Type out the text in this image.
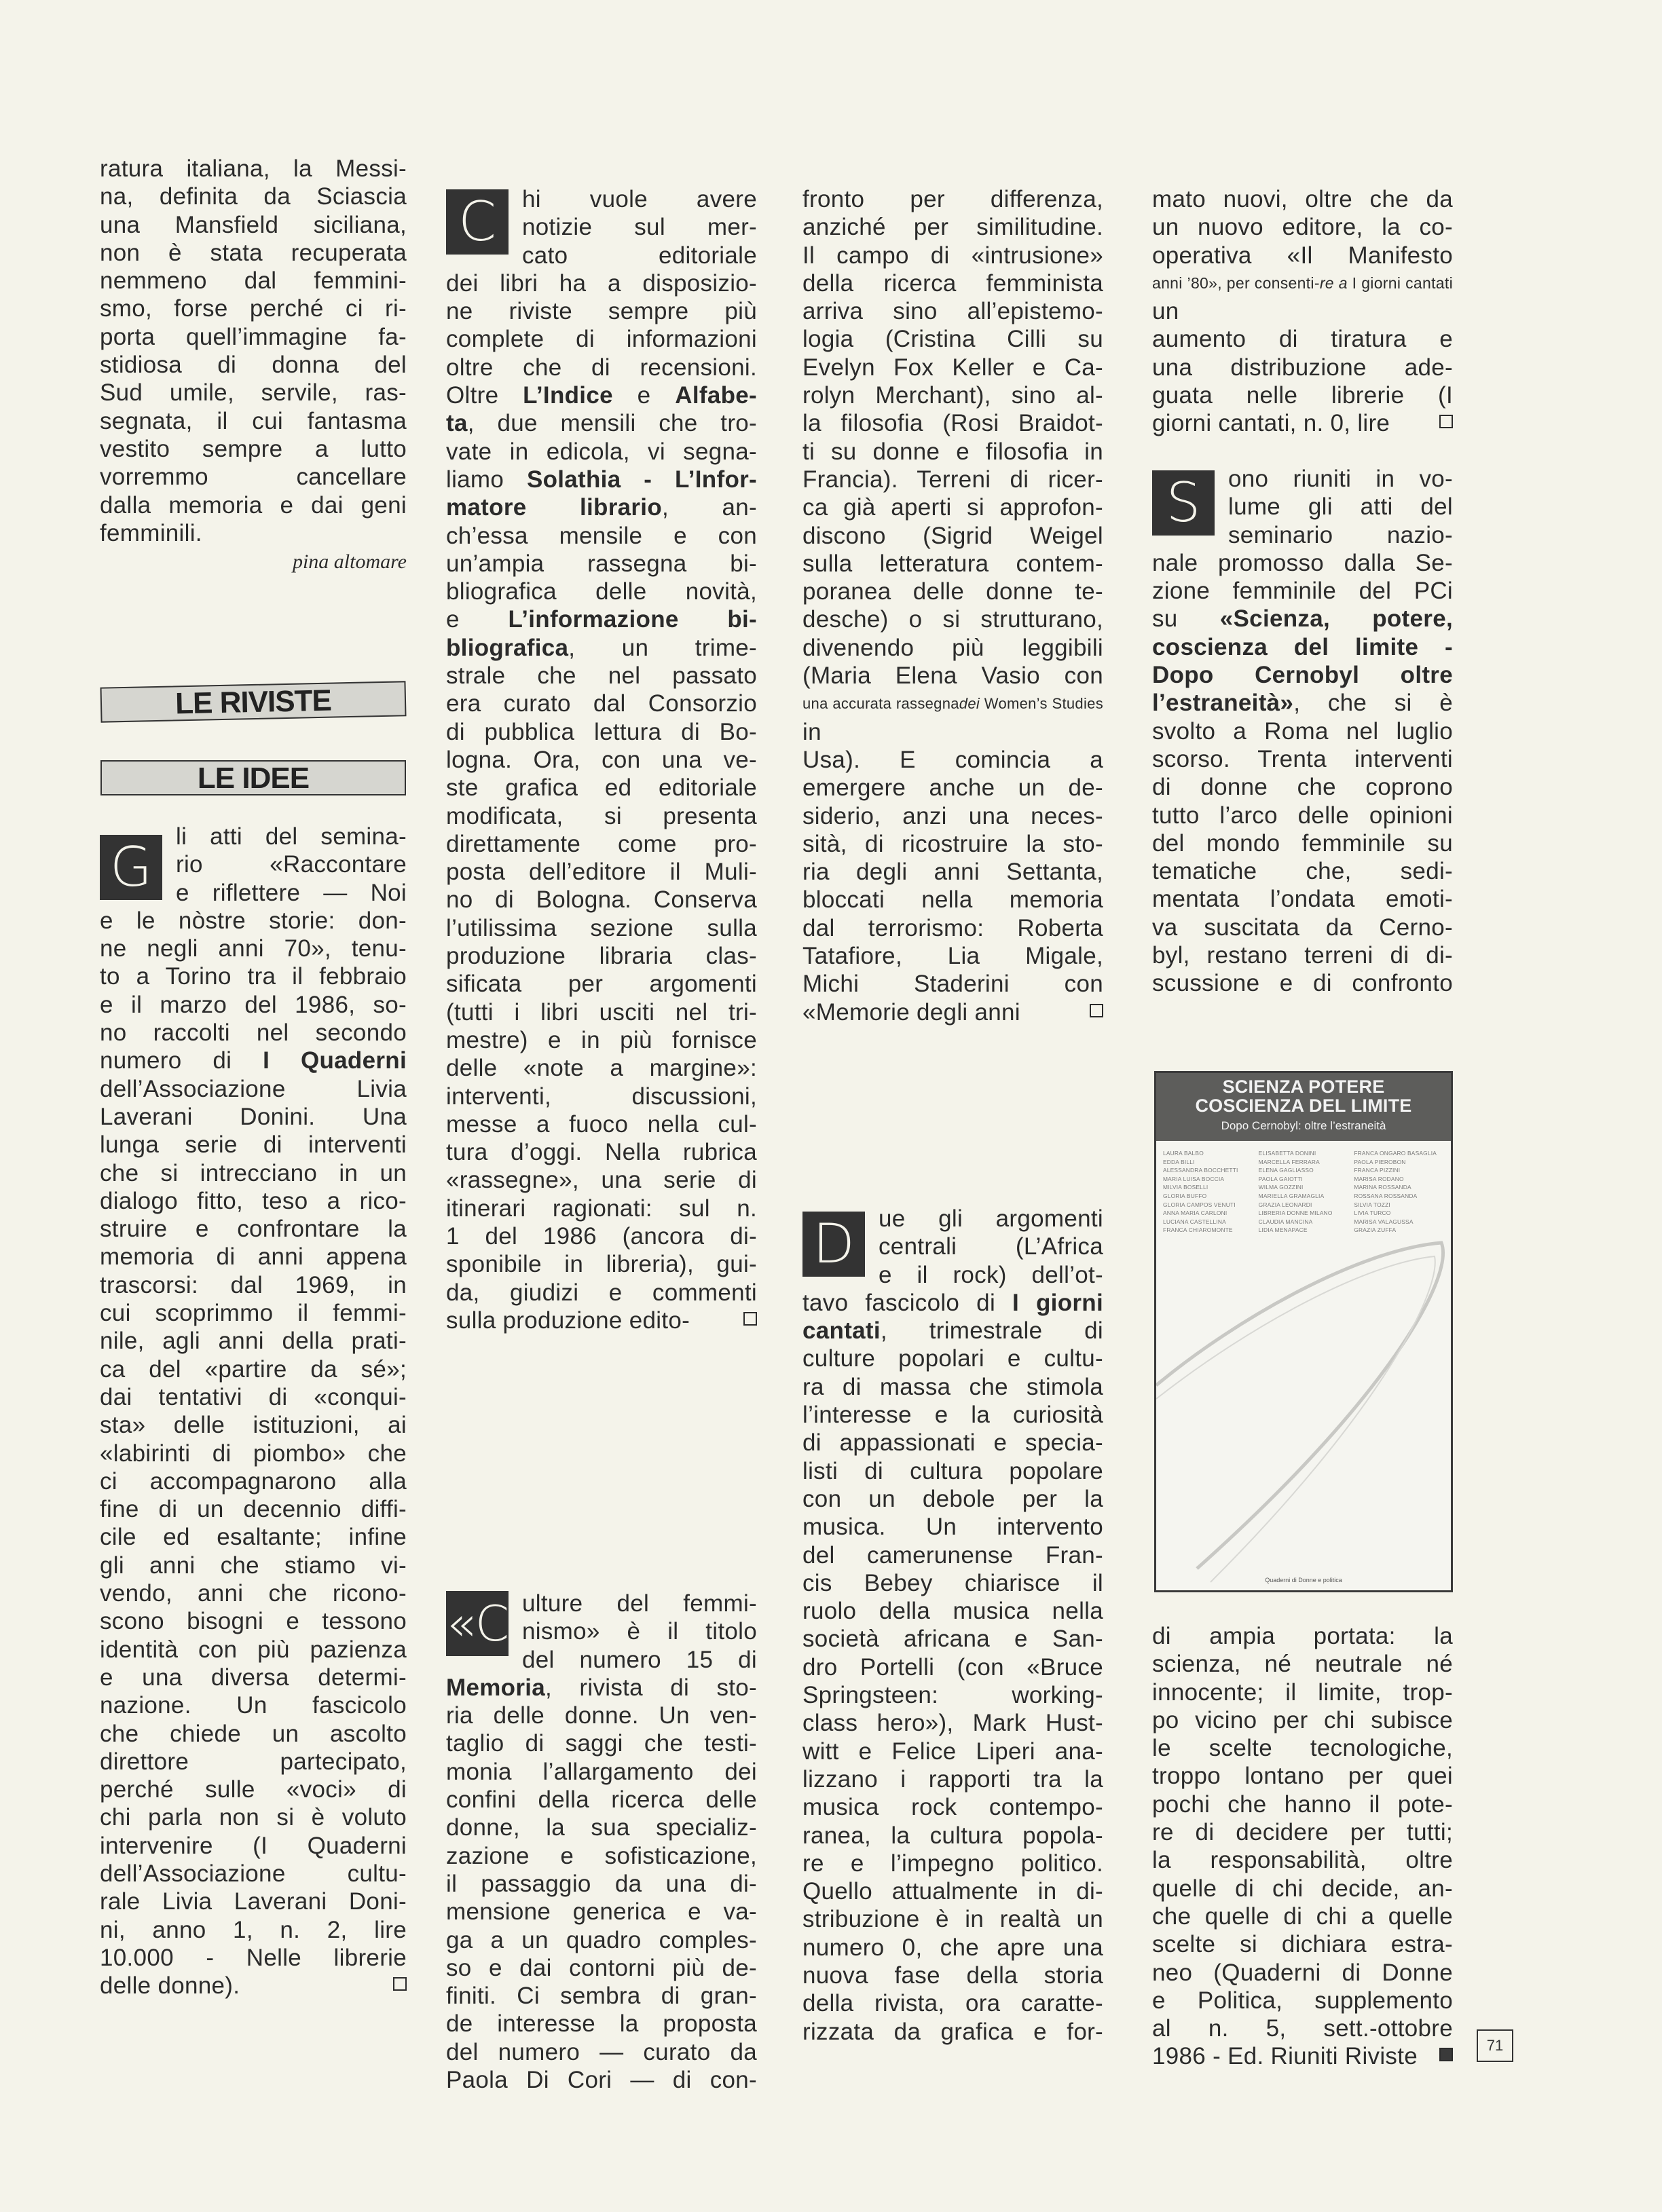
ratura italiana, la Messi-
na, definita da Sciascia
una Mansfield siciliana,
non è stata recuperata
nemmeno dal femmini-
smo, forse perché ci ri-
porta quell’immagine fa-
stidiosa di donna del
Sud umile, servile, ras-
segnata, il cui fantasma
vestito sempre a lutto
vorremmo cancellare
dalla memoria e dai geni
femminili.
pina altomare
LE RIVISTE
LE IDEE
G	li atti del semina-
rio «Raccontare
e riflettere — Noi
e le nòstre storie: don-
ne negli anni 70», tenu-
to a Torino tra il febbraio
e il marzo del 1986, so-
no raccolti nel secondo
numero di I Quaderni
dell’Associazione Livia
Laverani Donini. Una
lunga serie di interventi
che si intrecciano in un
dialogo fitto, teso a rico-
struire e confrontare la
memoria di anni appena
trascorsi: dal 1969, in
cui scoprimmo il femmi-
nile, agli anni della prati-
ca del «partire da sé»;
dai tentativi di «conqui-
sta» delle istituzioni, ai
«labirinti di piombo» che
ci accompagnarono alla
fine di un decennio diffi-
cile ed esaltante; infine
gli anni che stiamo vi-
vendo, anni che ricono-
scono bisogni e tessono
identità con più pazienza
e una diversa determi-
nazione. Un fascicolo
che chiede un ascolto
direttore partecipato,
perché sulle «voci» di
chi parla non si è voluto
intervenire (I Quaderni
dell’Associazione cultu-
rale Livia Laverani Doni-
ni, anno 1, n. 2, lire
10.000 - Nelle librerie
delle donne).
C	hi vuole avere
notizie sul mer-
cato editoriale
dei libri ha a disposizio-
ne riviste sempre più
complete di informazioni
oltre che di recensioni.
Oltre L’Indice e Alfabe-
ta, due mensili che tro-
vate in edicola, vi segna-
liamo Solathia - L’Infor-
matore librario, an-
ch’essa mensile e con
un’ampia rassegna bi-
bliografica delle novità,
e L’informazione bi-
bliografica, un trime-
strale che nel passato
era curato dal Consorzio
di pubblica lettura di Bo-
logna. Ora, con una ve-
ste grafica ed editoriale
modificata, si presenta
direttamente come pro-
posta dell’editore il Muli-
no di Bologna. Conserva
l’utilissima sezione sulla
produzione libraria clas-
sificata per argomenti
(tutti i libri usciti nel tri-
mestre) e in più fornisce
delle «note a margine»:
interventi, discussioni,
messe a fuoco nella cul-
tura d’oggi. Nella rubrica
«rassegne», una serie di
itinerari ragionati: sul n.
1 del 1986 (ancora di-
sponibile in libreria), gui-
da, giudizi e commenti
sulla produzione edito-
«C ulture del femmi-
nismo» è il titolo
del numero 15 di
Memoria, rivista di sto-
ria delle donne. Un ven-
taglio di saggi che testi-
monia l’allargamento dei
confini della ricerca delle
donne, la sua specializ-
zazione e sofisticazione,
il passaggio da una di-
mensione generica e va-
ga a un quadro comples-
so e dai contorni più de-
finiti. Ci sembra di gran-
de interesse la proposta
del numero — curato da
Paola Di Cori — di con-
fronto per differenza,
anziché per similitudine.
Il campo di «intrusione»
della ricerca femminista
arriva sino all’epistemo-
logia (Cristina Cilli su
Evelyn Fox Keller e Ca-
rolyn Merchant), sino al-
la filosofia (Rosi Braidot-
ti su donne e filosofia in
Francia). Terreni di ricer-
ca già aperti si approfon-
discono (Sigrid Weigel
sulla letteratura contem-
poranea delle donne te-
desche) o si strutturano,
divenendo più leggibili
(Maria Elena Vasio con
una accurata rassegnadei Women’s Studies
in
Usa). E comincia a
emergere anche un de-
siderio, anzi una neces-
sità, di ricostruire la sto-
ria degli anni Settanta,
bloccati nella memoria
dal terrorismo: Roberta
Tatafiore, Lia Migale,
Michi Staderini con
«Memorie degli anni
D	ue gli argomenti
centrali (L’Africa
e il rock) dell’ot-
tavo fascicolo di I giorni
cantati, trimestrale di
culture popolari e cultu-
ra di massa che stimola
l’interesse e la curiosità
di appassionati e specia-
listi di cultura popolare
con un debole per la
musica. Un intervento
del camerunense Fran-
cis Bebey chiarisce il
ruolo della musica nella
società africana e San-
dro Portelli (con «Bruce
Springsteen: working-
class hero»), Mark Hust-
witt e Felice Liperi ana-
lizzano i rapporti tra la
musica rock contempo-
ranea, la cultura popola-
re e l’impegno politico.
Quello attualmente in di-
stribuzione è in realtà un
numero 0, che apre una
nuova fase della storia
della rivista, ora caratte-
rizzata da grafica e for-
mato nuovi, oltre che da
un nuovo editore, la co-
operativa «Il Manifesto
anni ’80», per consenti-re a I giorni cantati
un
aumento di tiratura e
una distribuzione ade-
guata nelle librerie (I
giorni cantati, n. 0, lire
S	ono riuniti in vo-
lume gli atti del
seminario nazio-
nale promosso dalla Se-
zione femminile del PCi
su «Scienza, potere,
coscienza del limite -
Dopo Cernobyl oltre
l’estraneità», che si è
svolto a Roma nel luglio
scorso. Trenta interventi
di donne che coprono
tutto l’arco delle opinioni
del mondo femminile su
tematiche che, sedi-
mentata l’ondata emoti-
va suscitata da Cerno-
byl, restano terreni di di-
scussione e di confronto
SCIENZA POTERE
COSCIENZA DEL LIMITE
Dopo Cernobyl: oltre l’estraneità
LAURA BALBO
EDDA BILLI
ALESSANDRA BOCCHETTI
MARIA LUISA BOCCIA
MILVIA BOSELLI
GLORIA BUFFO
GLORIA CAMPOS VENUTI
ANNA MARIA CARLONI
LUCIANA CASTELLINA
FRANCA CHIAROMONTE
ELISABETTA DONINI
MARCELLA FERRARA
ELENA GAGLIASSO
PAOLA GAIOTTI
WILMA GOZZINI
MARIELLA GRAMAGLIA
GRAZIA LEONARDI
LIBRERIA DONNE MILANO
CLAUDIA MANCINA
LIDIA MENAPACE
FRANCA ONGARO BASAGLIA
PAOLA PIEROBON
FRANCA PIZZINI
MARISA RODANO
MARINA ROSSANDA
ROSSANA ROSSANDA
SILVIA TOZZI
LIVIA TURCO
MARISA VALAGUSSA
GRAZIA ZUFFA
Quaderni di Donne e politica
di ampia portata: la
scienza, né neutrale né
innocente; il limite, trop-
po vicino per chi subisce
le scelte tecnologiche,
troppo lontano per quei
pochi che hanno il pote-
re di decidere per tutti;
la responsabilità, oltre
quelle di chi decide, an-
che quelle di chi a quelle
scelte si dichiara estra-
neo (Quaderni di Donne
e Politica, supplemento
al n. 5, sett.-ottobre
1986 - Ed. Riuniti Riviste	71
